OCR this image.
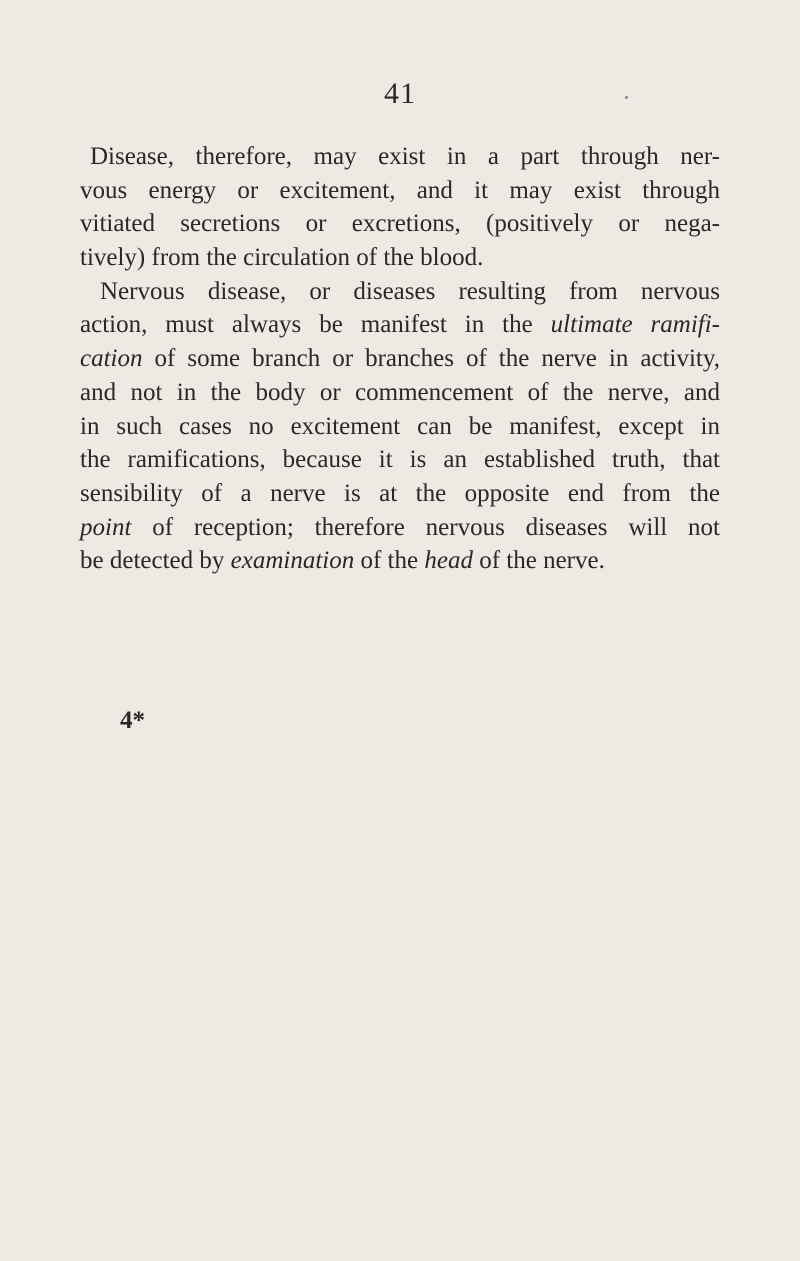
41
Disease, therefore, may exist in a part through ner-
vous energy or excitement, and it may exist through
vitiated secretions or excretions, (positively or nega-
tively) from the circulation of the blood.
Nervous disease, or diseases resulting from nervous
action, must always be manifest in the ultimate ramifi-
cation of some branch or branches of the nerve in activity,
and not in the body or commencement of the nerve, and
in such cases no excitement can be manifest, except in
the ramifications, because it is an established truth, that
sensibility of a nerve is at the opposite end from the
point of reception; therefore nervous diseases will not
be detected by examination of the head of the nerve.
4*
